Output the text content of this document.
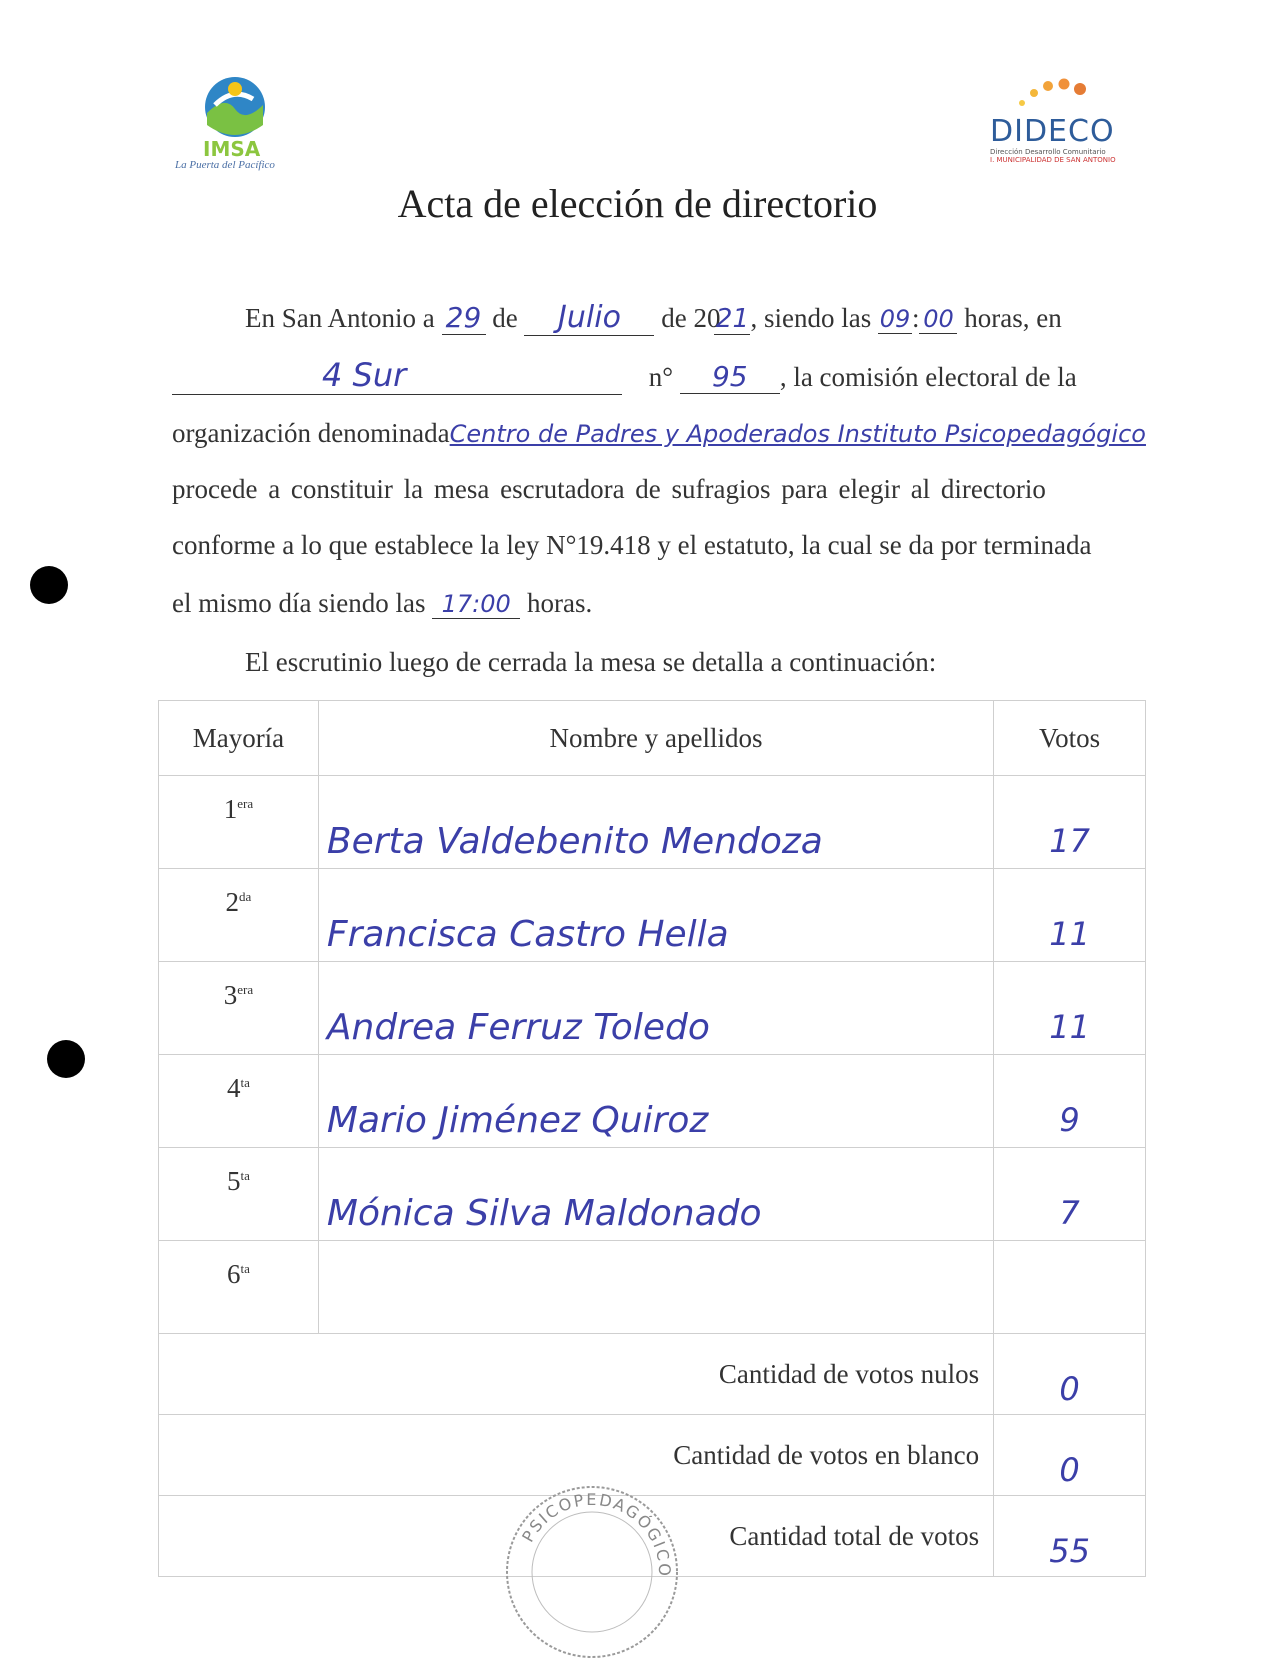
IMSA
La Puerta del Pacífico
DIDECO
Dirección Desarrollo Comunitario
I. MUNICIPALIDAD DE SAN ANTONIO
Acta de elección de directorio
En San Antonio a 29 de Julio de 2021, siendo las 09: 00 horas, en
4 Sur	n° 95 , la comisión electoral de la
organización denominadaCentro de Padres y Apoderados Instituto Psicopedagógico
procede a constituir la mesa escrutadora de sufragios para elegir al directorio
conforme a lo que establece la ley N°19.418 y el estatuto, la cual se da por terminada
el mismo día siendo las 17:00 horas.
El escrutinio luego de cerrada la mesa se detalla a continuación:
Mayoría	Nombre y apellidos	Votos
$1^{era}$	Berta Valdebenito Mendoza	17
$2^{da}$	Francisca Castro Hella	11
$3^{era}$	Andrea Ferruz Toledo	11
$4^{ta}$	Mario Jiménez Quiroz	9
$5^{ta}$	Mónica Silva Maldonado	7
$6^{ta}$		
Cantidad de votos nulos		0
Cantidad de votos en blanco		0
Cantidad total de votos		55
PSICOPEDAGÓGICO
